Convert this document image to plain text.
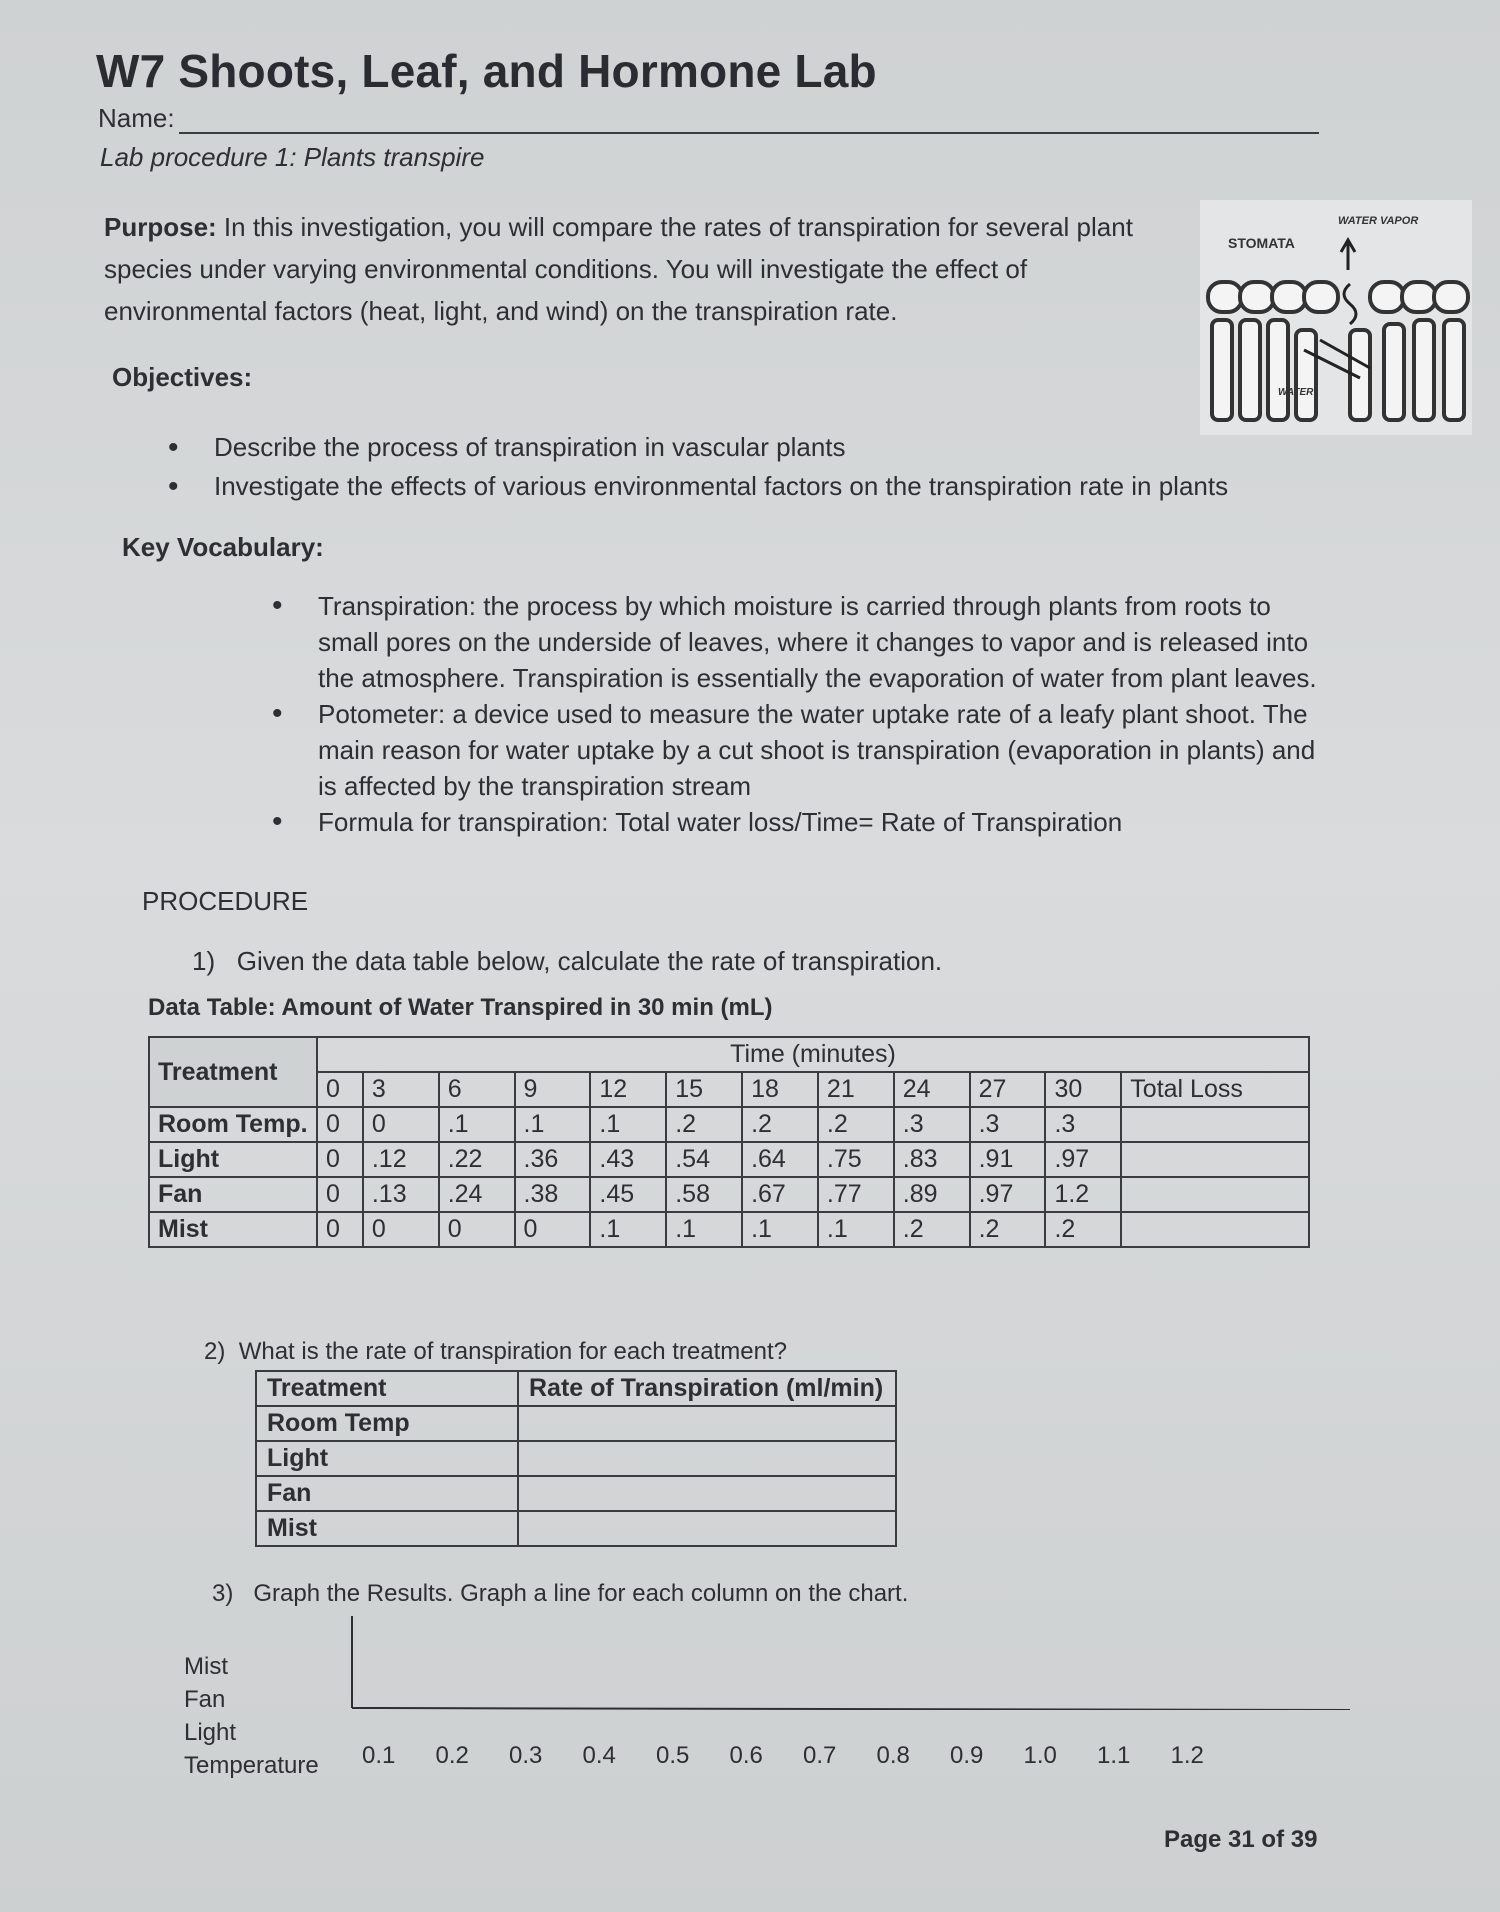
W7 Shoots, Leaf, and Hormone Lab
Name:
Lab procedure 1: Plants transpire
Purpose: In this investigation, you will compare the rates of transpiration for several plant species under varying environmental conditions. You will investigate the effect of environmental factors (heat, light, and wind) on the transpiration rate.
STOMATA
WATER VAPOR
WATER
Objectives:
• Describe the process of transpiration in vascular plants
• Investigate the effects of various environmental factors on the transpiration rate in plants
Key Vocabulary:
• Transpiration: the process by which moisture is carried through plants from roots to small pores on the underside of leaves, where it changes to vapor and is released into the atmosphere. Transpiration is essentially the evaporation of water from plant leaves.
• Potometer: a device used to measure the water uptake rate of a leafy plant shoot. The main reason for water uptake by a cut shoot is transpiration (evaporation in plants) and is affected by the transpiration stream
• Formula for transpiration: Total water loss/Time= Rate of Transpiration
PROCEDURE
1) Given the data table below, calculate the rate of transpiration.
Data Table: Amount of Water Transpired in 30 min (mL)
Treatment	Time (minutes)											
	0	3	6	9	12	15	18	21	24	27	30	Total Loss
Room Temp.	0	0	.1	.1	.1	.2	.2	.2	.3	.3	.3	
Light	0	.12	.22	.36	.43	.54	.64	.75	.83	.91	.97	
Fan	0	.13	.24	.38	.45	.58	.67	.77	.89	.97	1.2	
Mist	0	0	0	0	.1	.1	.1	.1	.2	.2	.2	
2) What is the rate of transpiration for each treatment?
Treatment	Rate of Transpiration (ml/min)
Room Temp	
Light	
Fan	
Mist	
3) Graph the Results. Graph a line for each column on the chart.
Mist
Fan
Light
Temperature 0.1 0.2 0.3 0.4 0.5 0.6 0.7 0.8 0.9 1.0 1.1 1.2
Page 31 of 39
